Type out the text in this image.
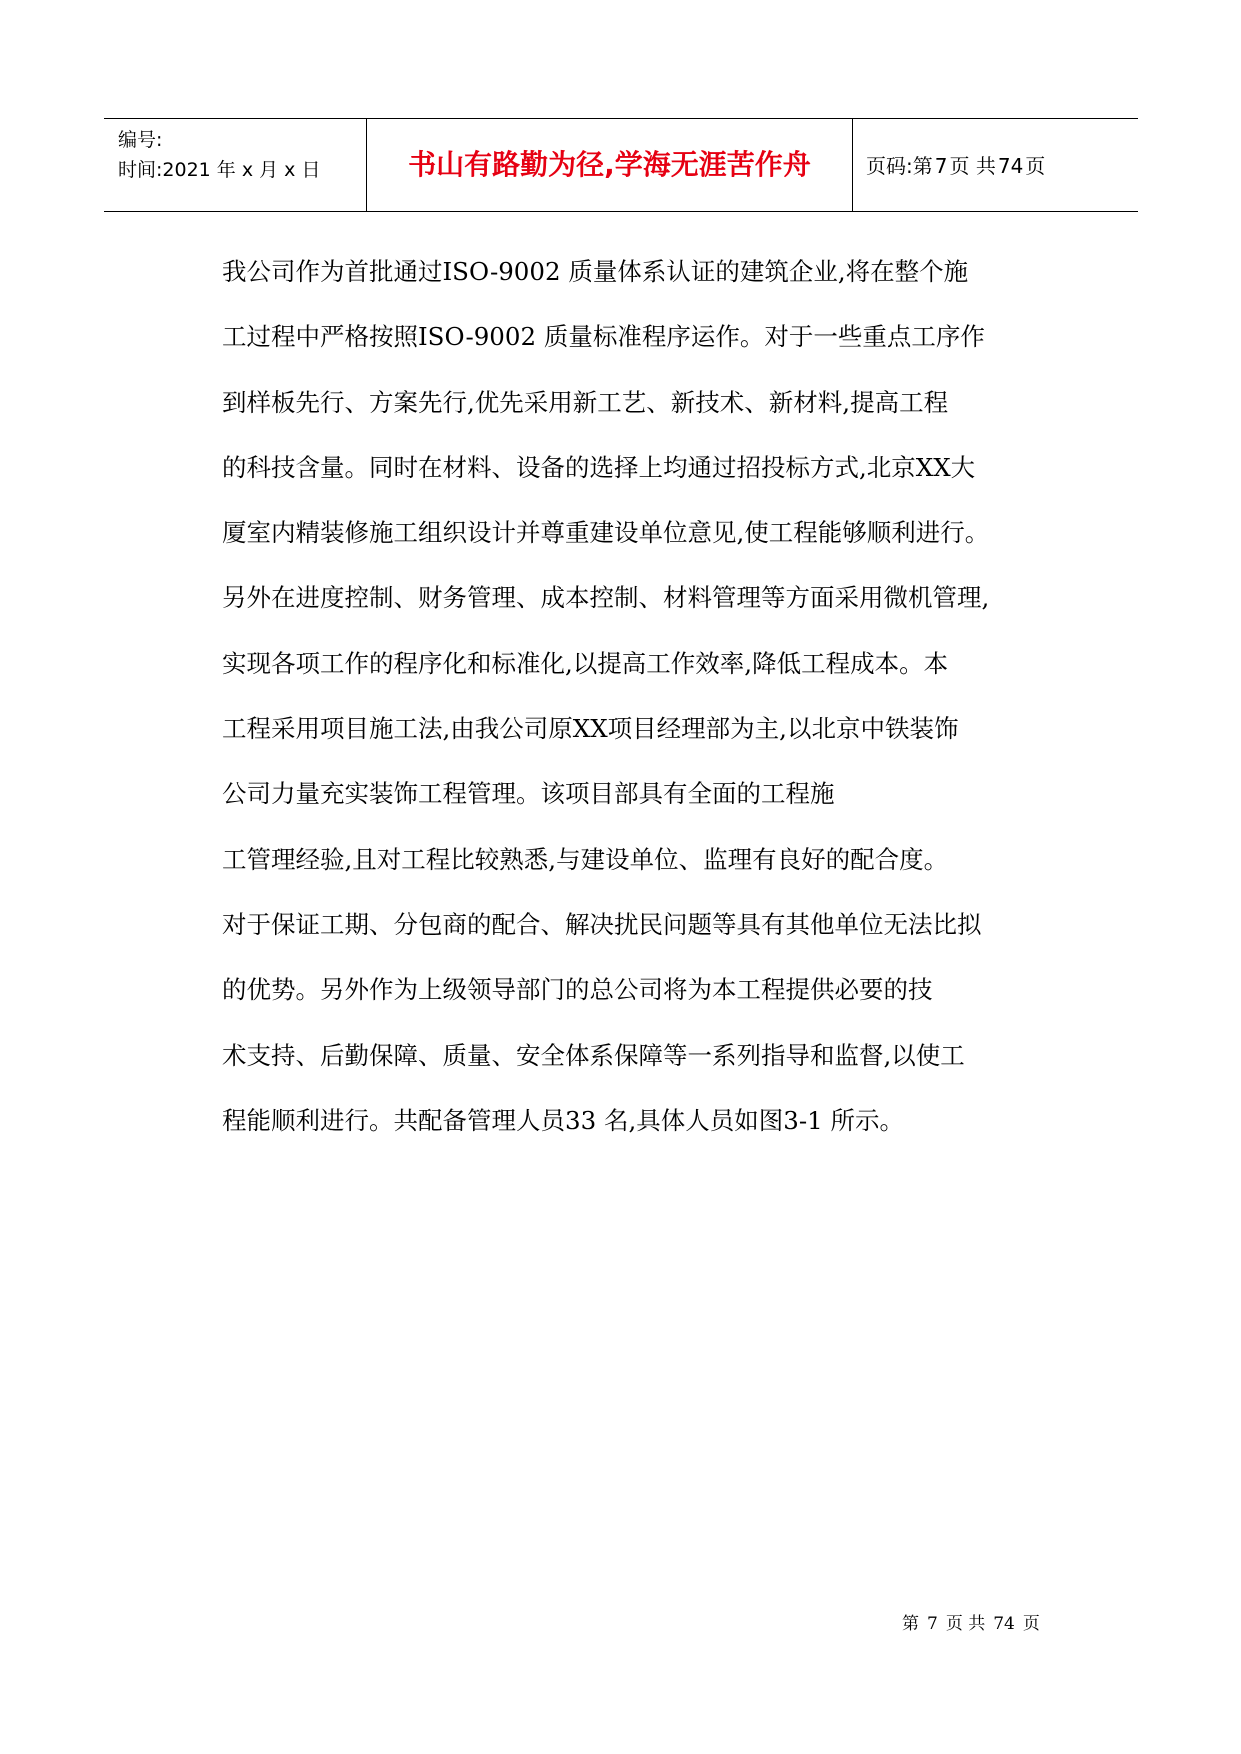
编号:
时间:2021 年 x 月 x 日	书山有路勤为径,学海无涯苦作舟	页码:第 7 页 共 74 页
我公司作为首批通过ISO-9002 质量体系认证的建筑企业,将在整个施
工过程中严格按照ISO-9002 质量标准程序运作。对于一些重点工序作
到样板先行、方案先行,优先采用新工艺、新技术、新材料,提高工程
的科技含量。同时在材料、设备的选择上均通过招投标方式,北京XX大
厦室内精装修施工组织设计并尊重建设单位意见,使工程能够顺利进行。
另外在进度控制、财务管理、成本控制、材料管理等方面采用微机管理,
实现各项工作的程序化和标准化,以提高工作效率,降低工程成本。本
工程采用项目施工法,由我公司原XX项目经理部为主,以北京中铁装饰
公司力量充实装饰工程管理。该项目部具有全面的工程施
工管理经验,且对工程比较熟悉,与建设单位、监理有良好的配合度。
对于保证工期、分包商的配合、解决扰民问题等具有其他单位无法比拟
的优势。另外作为上级领导部门的总公司将为本工程提供必要的技
术支持、后勤保障、质量、安全体系保障等一系列指导和监督,以使工
程能顺利进行。共配备管理人员33 名,具体人员如图3-1 所示。
第 7 页 共 74 页
